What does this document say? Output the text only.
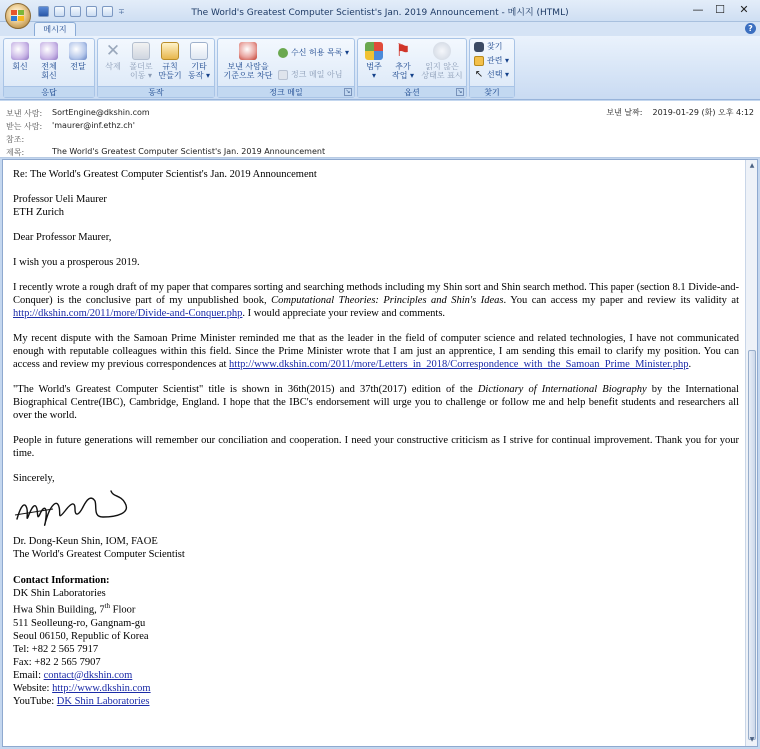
∓	The World's Greatest Computer Scientist's Jan. 2019 Announcement - 메시지 (HTML)	—	☐	✕
메시지	?
회신	전체
회신
전달
응답
✕
삭제	폴더로
이동 ▾
규칙
만들기
기타
동작 ▾
동작
보낸 사람을
기준으로 차단
수신 허용 목록 ▾
정크 메일 아님
정크 메일	↘
범주
▾
⚑
추가
작업 ▾
읽지 않은
상태로 표시
옵션	↘
찾기
관련 ▾
↖ 선택 ▾
찾기
보낸 사람:	SortEngine@dkshin.com
받는 사람:	'maurer@inf.ethz.ch'
참조:
제목:	The World's Greatest Computer Scientist's Jan. 2019 Announcement
보낸 날짜: 2019-01-29 (화) 오후 4:12

Re: The World's Greatest Computer Scientist's Jan. 2019 Announcement

Professor Ueli Maurer
ETH Zurich

Dear Professor Maurer,

I wish you a prosperous 2019.

I recently wrote a rough draft of my paper that compares sorting and searching methods including my Shin sort and Shin search method. This paper (section 8.1 Divide-and-Conquer) is the conclusive part of my unpublished book, Computational Theories: Principles and Shin's Ideas. You can access my paper and review its validity at http://dkshin.com/2011/more/Divide-and-Conquer.php. I would appreciate your review and comments.

My recent dispute with the Samoan Prime Minister reminded me that as the leader in the field of computer science and related technologies, I have not communicated enough with reputable colleagues within this field. Since the Prime Minister wrote that I am just an apprentice, I am sending this email to clarify my position. You can access and review my previous correspondences at http://www.dkshin.com/2011/more/Letters_in_2018/Correspondence_with_the_Samoan_Prime_Minister.php.

"The World's Greatest Computer Scientist" title is shown in 36th(2015) and 37th(2017) edition of the Dictionary of International Biography by the International Biographical Centre(IBC), Cambridge, England. I hope that the IBC's endorsement will urge you to challenge or follow me and help benefit students and researchers all over the world.

People in future generations will remember our conciliation and cooperation. I need your constructive criticism as I strive for continual improvement. Thank you for your time.

Sincerely,
Dr. Dong-Keun Shin, IOM, FAOE
The World's Greatest Computer Scientist
Contact Information:
DK Shin Laboratories
Hwa Shin Building, 7th Floor
511 Seolleung-ro, Gangnam-gu
Seoul 06150, Republic of Korea
Tel: +82 2 565 7917
Fax: +82 2 565 7907
Email: contact@dkshin.com
Website: http://www.dkshin.com
YouTube: DK Shin Laboratories
▲
▼
